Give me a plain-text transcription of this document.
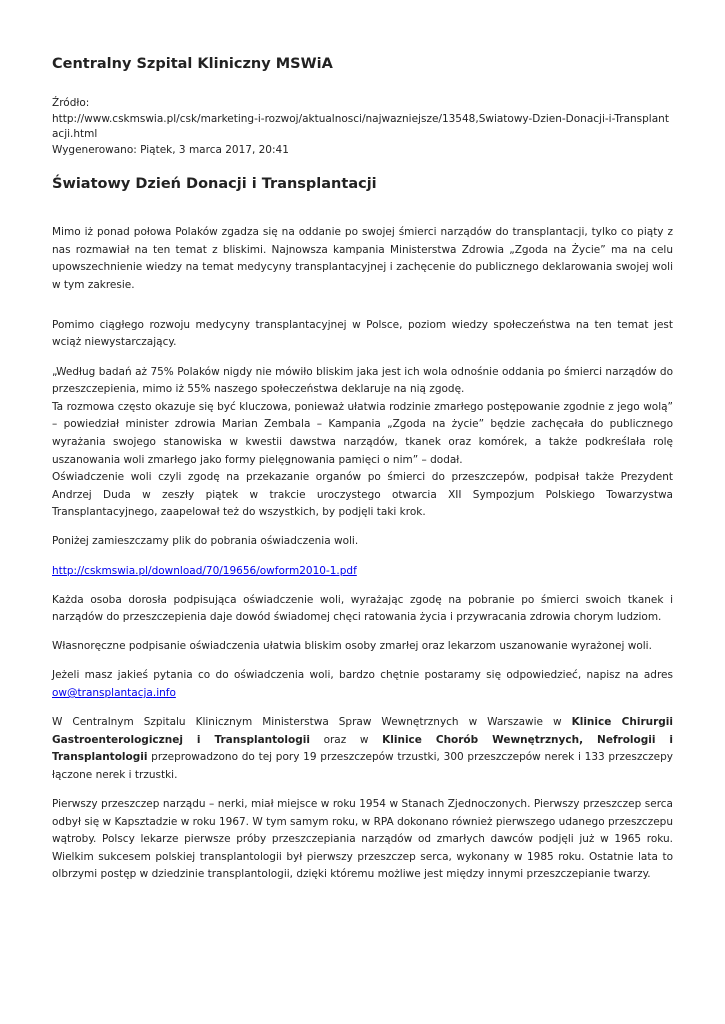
Centralny Szpital Kliniczny MSWiA
Źródło:
http://www.cskmswia.pl/csk/marketing-i-rozwoj/aktualnosci/najwazniejsze/13548,Swiatowy-Dzien-Donacji-i-Transplantacji.html
Wygenerowano: Piątek, 3 marca 2017, 20:41
Światowy Dzień Donacji i Transplantacji

Mimo iż ponad połowa Polaków zgadza się na oddanie po swojej śmierci narządów do transplantacji, tylko co piąty z nas rozmawiał na ten temat z bliskimi. Najnowsza kampania Ministerstwa Zdrowia „Zgoda na Życie” ma na celu upowszechnienie wiedzy na temat medycyny transplantacyjnej i zachęcenie do publicznego deklarowania swojej woli w tym zakresie.

Pomimo ciągłego rozwoju medycyny transplantacyjnej w Polsce, poziom wiedzy społeczeństwa na ten temat jest wciąż niewystarczający.

„Według badań aż 75% Polaków nigdy nie mówiło bliskim jaka jest ich wola odnośnie oddania po śmierci narządów do przeszczepienia, mimo iż 55% naszego społeczeństwa deklaruje na nią zgodę.
Ta rozmowa często okazuje się być kluczowa, ponieważ ułatwia rodzinie zmarłego postępowanie zgodnie z jego wolą” – powiedział minister zdrowia Marian Zembala – Kampania „Zgoda na życie” będzie zachęcała do publicznego wyrażania swojego stanowiska w kwestii dawstwa narządów, tkanek oraz komórek, a także podkreślała rolę uszanowania woli zmarłego jako formy pielęgnowania pamięci o nim” – dodał.
Oświadczenie woli czyli zgodę na przekazanie organów po śmierci do przeszczepów, podpisał także Prezydent Andrzej Duda w zeszły piątek w trakcie uroczystego otwarcia XII Sympozjum Polskiego Towarzystwa Transplantacyjnego, zaapelował też do wszystkich, by podjęli taki krok.

Poniżej zamieszczamy plik do pobrania oświadczenia woli.

http://cskmswia.pl/download/70/19656/owform2010-1.pdf

Każda osoba dorosła podpisująca oświadczenie woli, wyrażając zgodę na pobranie po śmierci swoich tkanek i narządów do przeszczepienia daje dowód świadomej chęci ratowania życia i przywracania zdrowia chorym ludziom.

Własnoręczne podpisanie oświadczenia ułatwia bliskim osoby zmarłej oraz lekarzom uszanowanie wyrażonej woli.

Jeżeli masz jakieś pytania co do oświadczenia woli, bardzo chętnie postaramy się odpowiedzieć, napisz na adres ow@transplantacja.info

W Centralnym Szpitalu Klinicznym Ministerstwa Spraw Wewnętrznych w Warszawie w Klinice Chirurgii Gastroenterologicznej i Transplantologii oraz w Klinice Chorób Wewnętrznych, Nefrologii i Transplantologii przeprowadzono do tej pory 19 przeszczepów trzustki, 300 przeszczepów nerek i 133 przeszczepy łączone nerek i trzustki.

Pierwszy przeszczep narządu – nerki, miał miejsce w roku 1954 w Stanach Zjednoczonych. Pierwszy przeszczep serca odbył się w Kapsztadzie w roku 1967. W tym samym roku, w RPA dokonano również pierwszego udanego przeszczepu wątroby. Polscy lekarze pierwsze próby przeszczepiania narządów od zmarłych dawców podjęli już w 1965 roku. Wielkim sukcesem polskiej transplantologii był pierwszy przeszczep serca, wykonany w 1985 roku. Ostatnie lata to olbrzymi postęp w dziedzinie transplantologii, dzięki któremu możliwe jest między innymi przeszczepianie twarzy.
